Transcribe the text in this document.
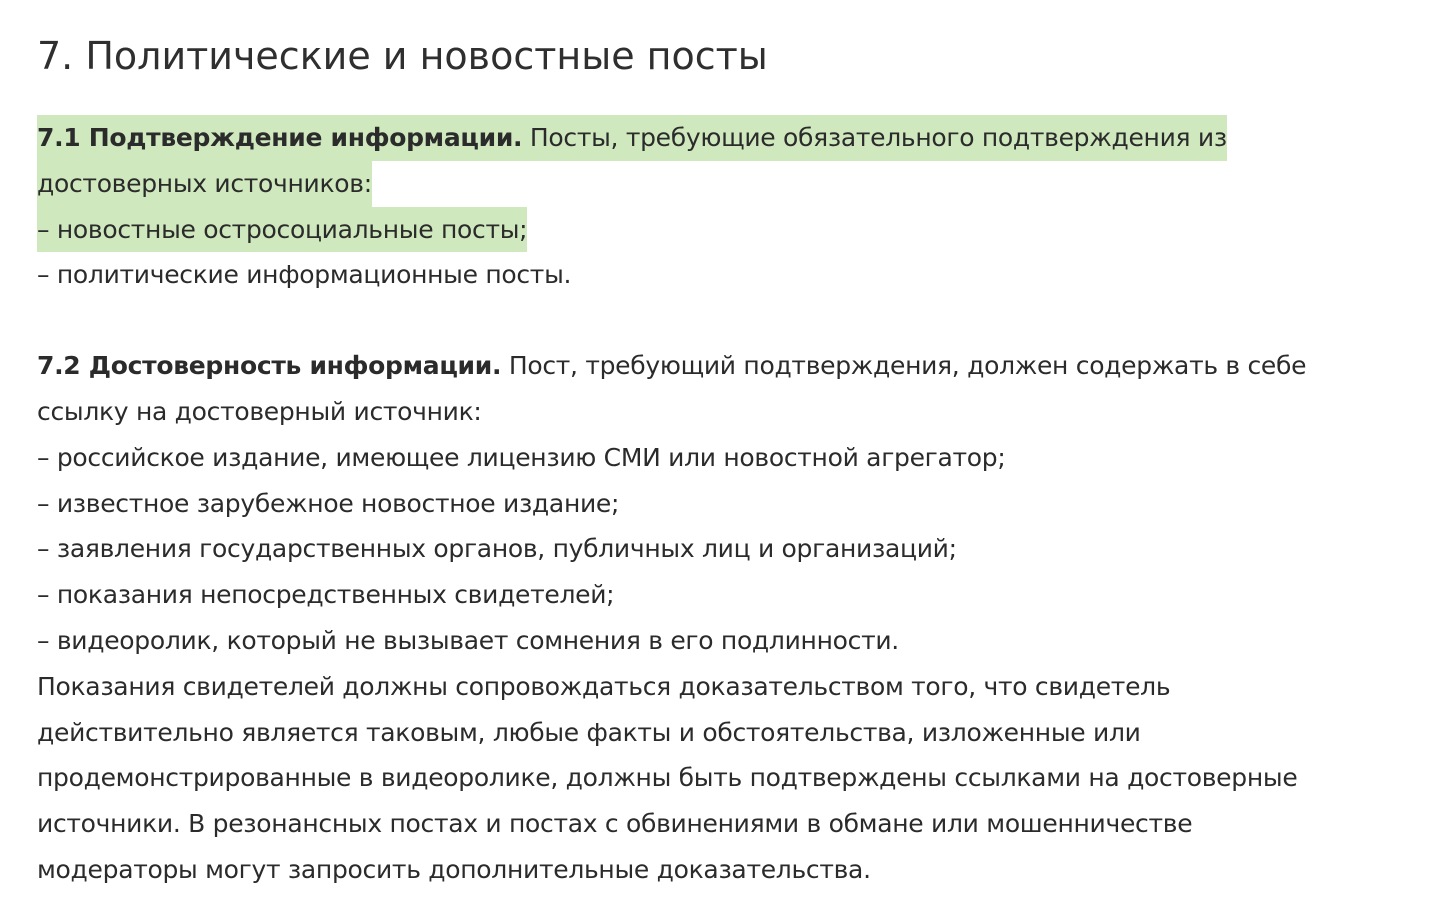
7. Политические и новостные посты
7.1 Подтверждение информации. Посты, требующие обязательного подтверждения из
достоверных источников:
– новостные остросоциальные посты;
– политические информационные посты.
7.2 Достоверность информации. Пост, требующий подтверждения, должен содержать в себе
ссылку на достоверный источник:
– российское издание, имеющее лицензию СМИ или новостной агрегатор;
– известное зарубежное новостное издание;
– заявления государственных органов, публичных лиц и организаций;
– показания непосредственных свидетелей;
– видеоролик, который не вызывает сомнения в его подлинности.
Показания свидетелей должны сопровождаться доказательством того, что свидетель
действительно является таковым, любые факты и обстоятельства, изложенные или
продемонстрированные в видеоролике, должны быть подтверждены ссылками на достоверные
источники. В резонансных постах и постах с обвинениями в обмане или мошенничестве
модераторы могут запросить дополнительные доказательства.
